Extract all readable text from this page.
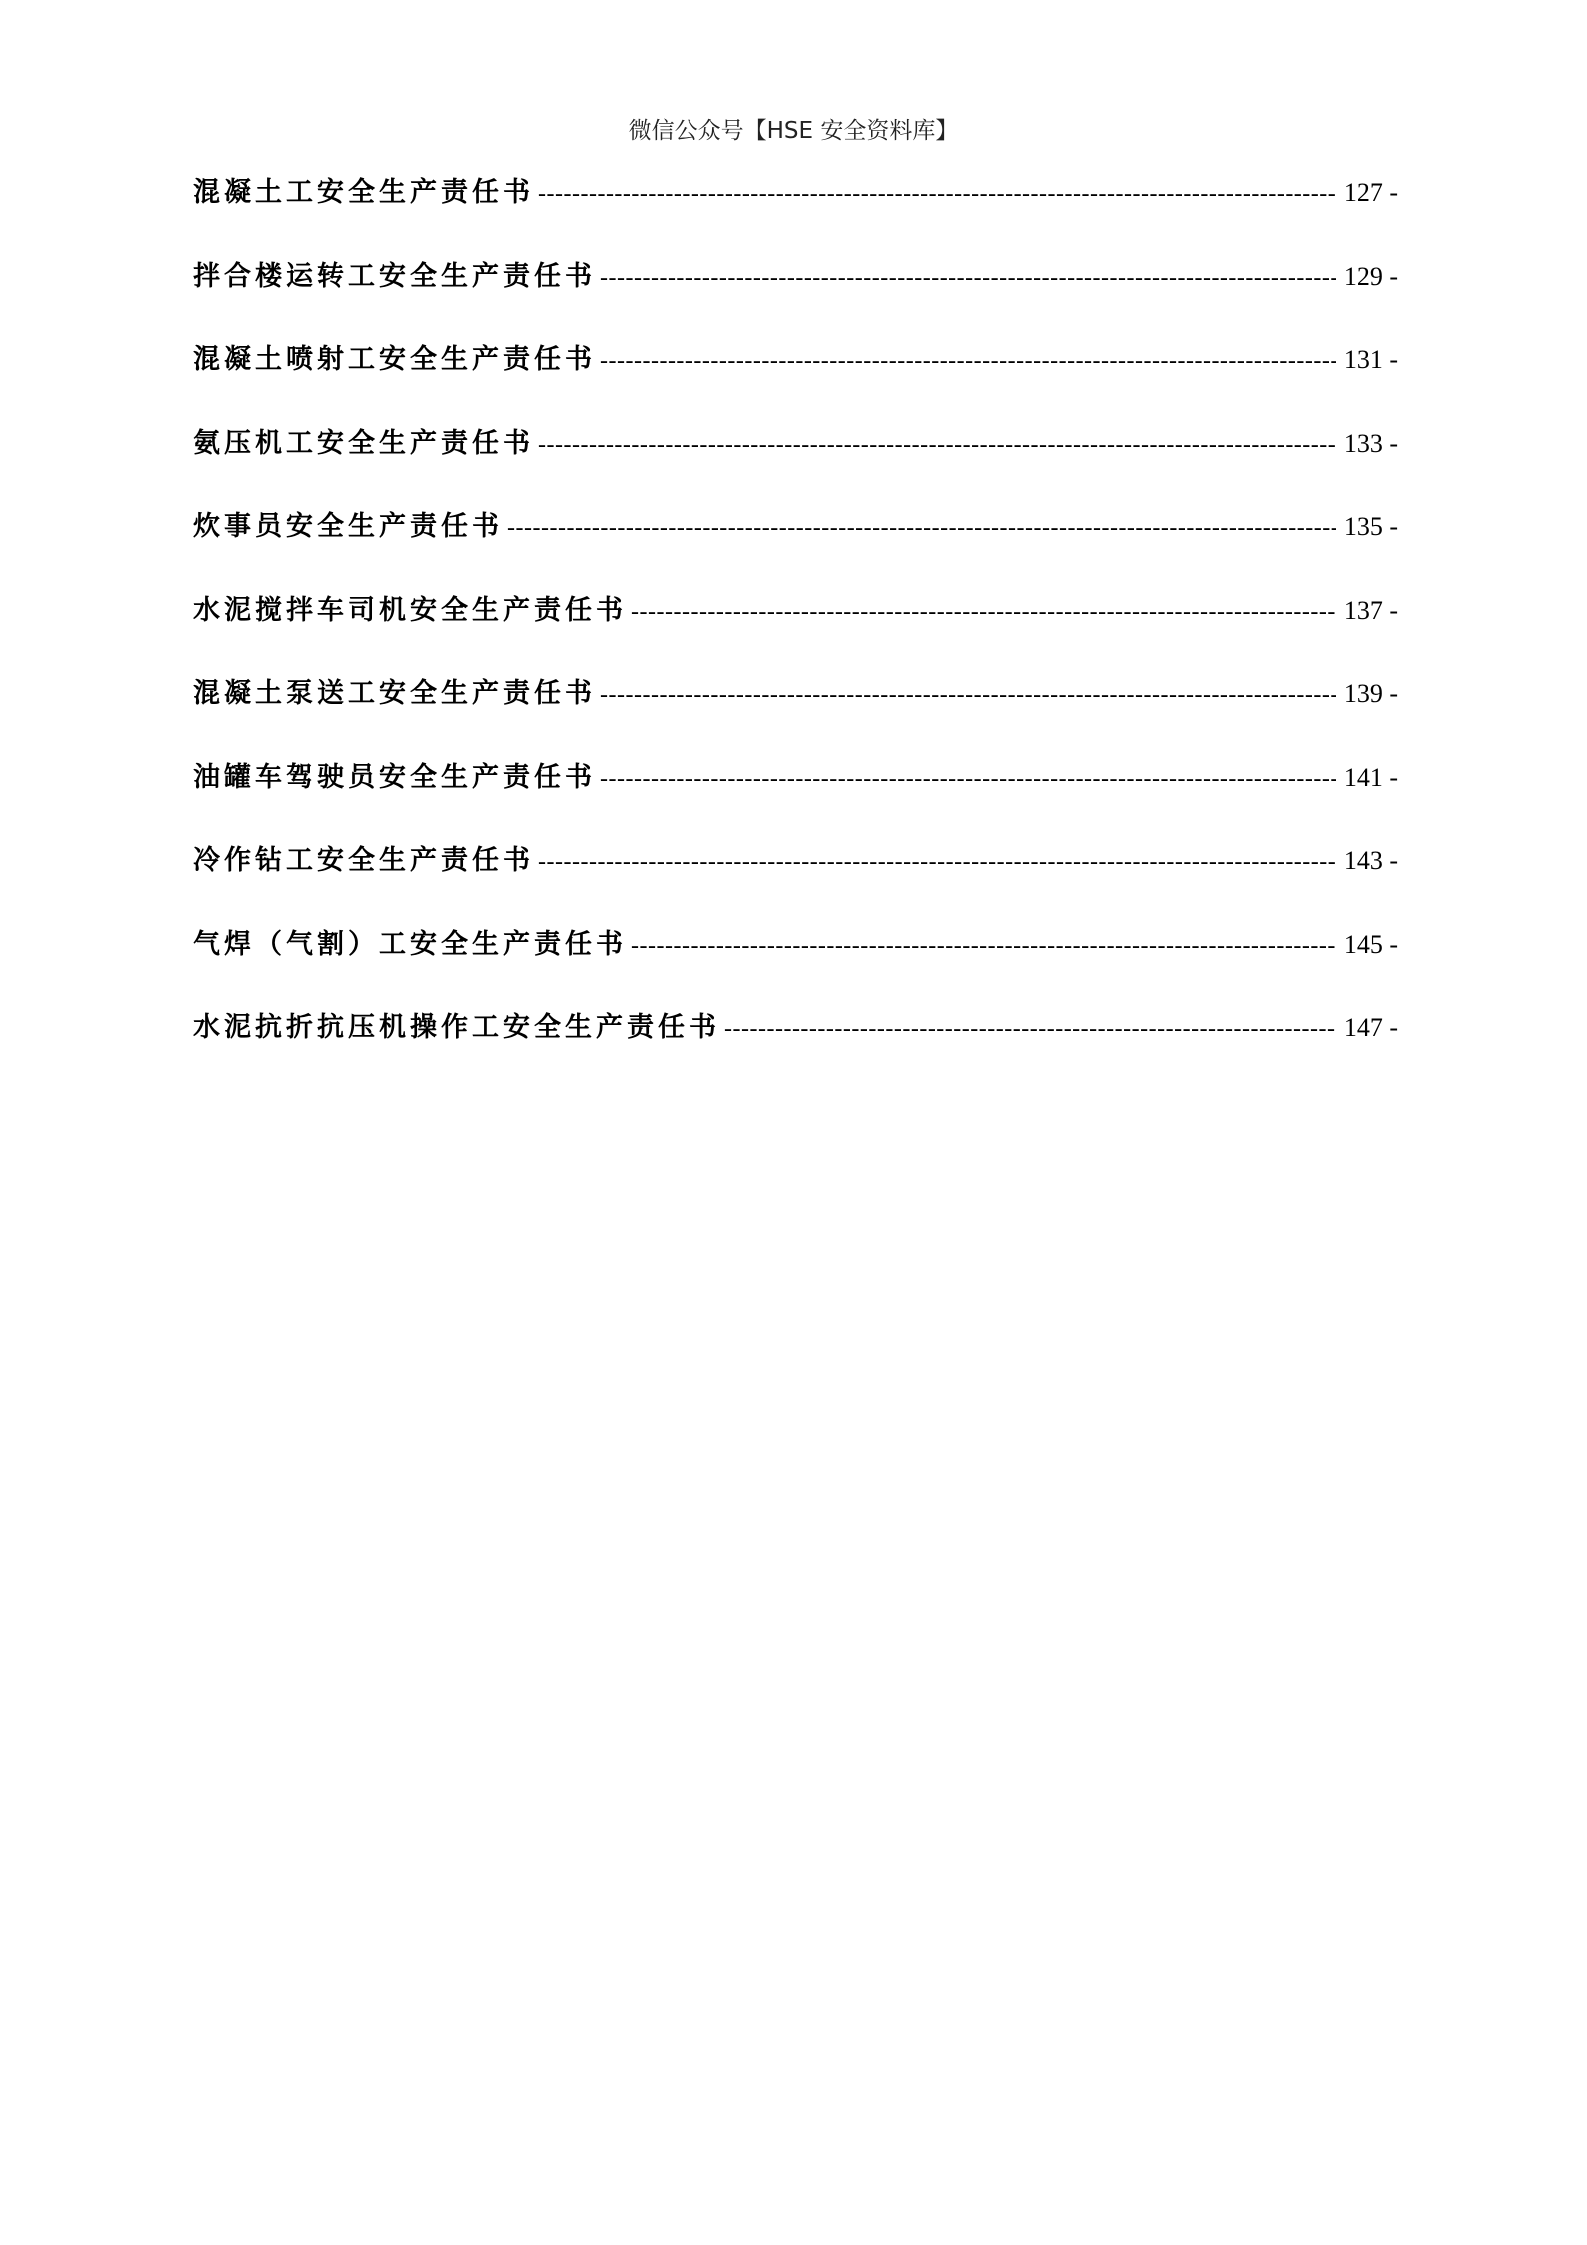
微信公众号【HSE 安全资料库】
混凝土工安全生产责任书 -----	127 -
拌合楼运转工安全生产责任书 -----	129 -
混凝土喷射工安全生产责任书 -----	131 -
氨压机工安全生产责任书 -----	133 -
炊事员安全生产责任书 -----	135 -
水泥搅拌车司机安全生产责任书 -----	137 -
混凝土泵送工安全生产责任书 -----	139 -
油罐车驾驶员安全生产责任书 -----	141 -
冷作钻工安全生产责任书 -----	143 -
气焊（气割）工安全生产责任书 -----	145 -
水泥抗折抗压机操作工安全生产责任书 -----	147 -
